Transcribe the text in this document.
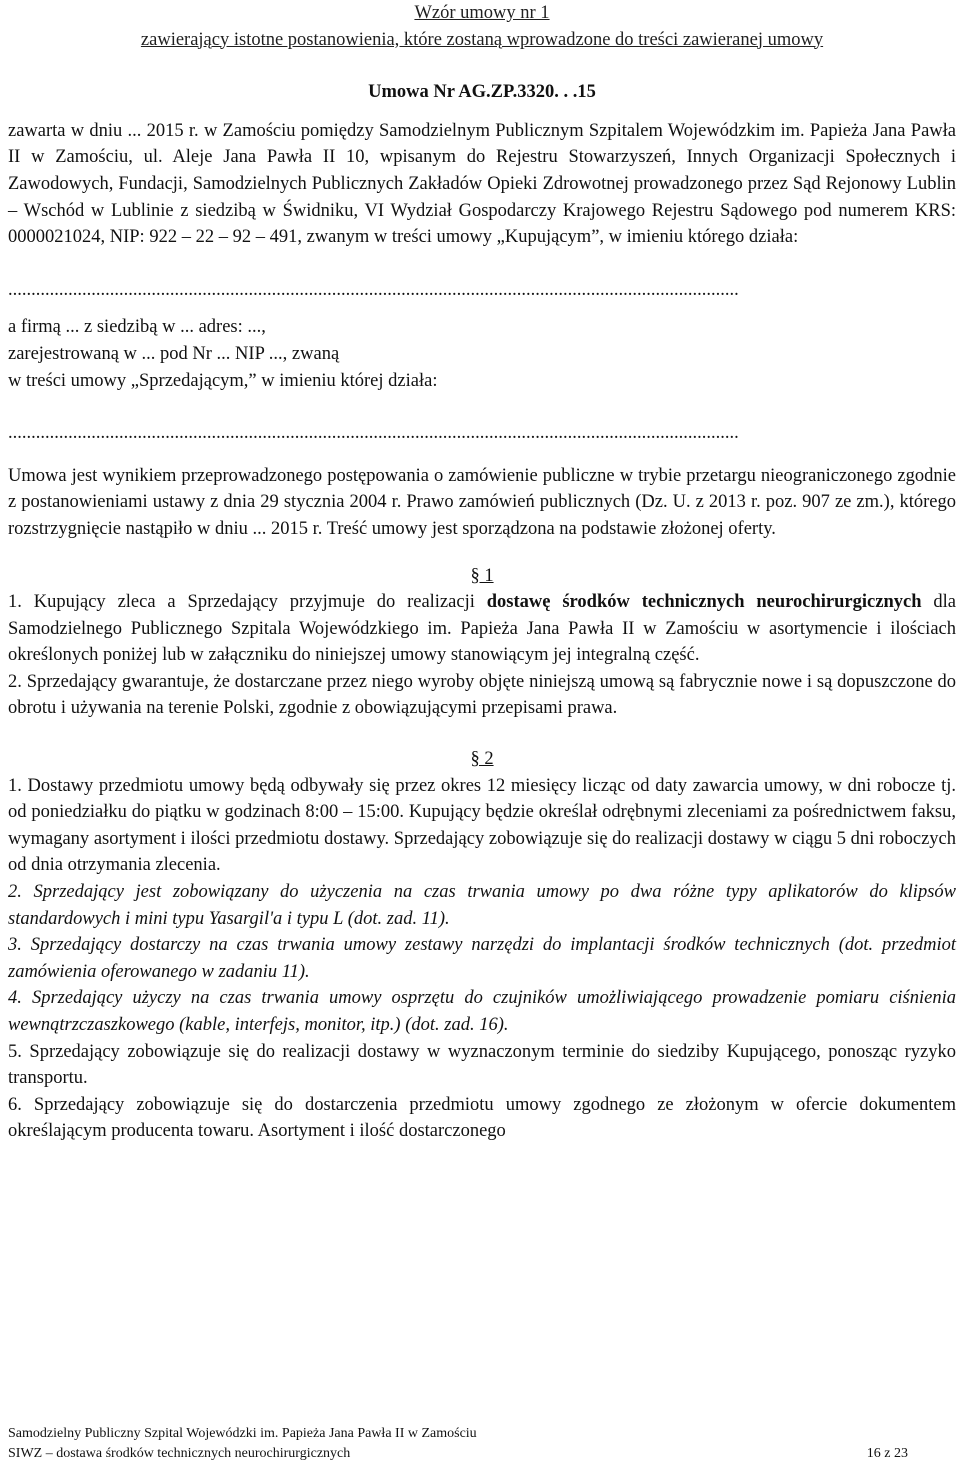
Wzór umowy nr 1
zawierający istotne postanowienia, które zostaną wprowadzone do treści zawieranej umowy
Umowa Nr AG.ZP.3320. . .15

zawarta w dniu ... 2015 r. w Zamościu pomiędzy Samodzielnym Publicznym Szpitalem Wojewódzkim im. Papieża Jana Pawła II w Zamościu, ul. Aleje Jana Pawła II 10, wpisanym do Rejestru Stowarzyszeń, Innych Organizacji Społecznych i Zawodowych, Fundacji, Samodzielnych Publicznych Zakładów Opieki Zdrowotnej prowadzonego przez Sąd Rejonowy Lublin – Wschód w Lublinie z siedzibą w Świdniku, VI Wydział Gospodarczy Krajowego Rejestru Sądowego pod numerem KRS: 0000021024, NIP: 922 – 22 – 92 – 491, zwanym w treści umowy „Kupującym”, w imieniu którego działa:

..............................................................................................................................................................
a firmą ... z siedzibą w ... adres: ...,
zarejestrowaną w ... pod Nr ... NIP ..., zwaną
w treści umowy „Sprzedającym,” w imieniu której działa:
..............................................................................................................................................................

Umowa jest wynikiem przeprowadzonego postępowania o zamówienie publiczne w trybie przetargu nieograniczonego zgodnie z postanowieniami ustawy z dnia 29 stycznia 2004 r. Prawo zamówień publicznych (Dz. U. z 2013 r. poz. 907 ze zm.), którego rozstrzygnięcie nastąpiło w dniu ... 2015 r. Treść umowy jest sporządzona na podstawie złożonej oferty.

§ 1

1. Kupujący zleca a Sprzedający przyjmuje do realizacji dostawę środków technicznych neurochirurgicznych dla Samodzielnego Publicznego Szpitala Wojewódzkiego im. Papieża Jana Pawła II w Zamościu w asortymencie i ilościach określonych poniżej lub w załączniku do niniejszej umowy stanowiącym jej integralną część.

2. Sprzedający gwarantuje, że dostarczane przez niego wyroby objęte niniejszą umową są fabrycznie nowe i są dopuszczone do obrotu i używania na terenie Polski, zgodnie z obowiązującymi przepisami prawa.

§ 2

1. Dostawy przedmiotu umowy będą odbywały się przez okres 12 miesięcy licząc od daty zawarcia umowy, w dni robocze tj. od poniedziałku do piątku w godzinach 8:00 – 15:00. Kupujący będzie określał odrębnymi zleceniami za pośrednictwem faksu, wymagany asortyment i ilości przedmiotu dostawy. Sprzedający zobowiązuje się do realizacji dostawy w ciągu 5 dni roboczych od dnia otrzymania zlecenia.

2. Sprzedający jest zobowiązany do użyczenia na czas trwania umowy po dwa różne typy aplikatorów do klipsów standardowych i mini typu Yasargil'a i typu L (dot. zad. 11).

3. Sprzedający dostarczy na czas trwania umowy zestawy narzędzi do implantacji środków technicznych (dot. przedmiot zamówienia oferowanego w zadaniu 11).

4. Sprzedający użyczy na czas trwania umowy osprzętu do czujników umożliwiającego prowadzenie pomiaru ciśnienia wewnątrzczaszkowego (kable, interfejs, monitor, itp.) (dot. zad. 16).

5. Sprzedający zobowiązuje się do realizacji dostawy w wyznaczonym terminie do siedziby Kupującego, ponosząc ryzyko transportu.

6. Sprzedający zobowiązuje się do dostarczenia przedmiotu umowy zgodnego ze złożonym w ofercie dokumentem określającym producenta towaru. Asortyment i ilość dostarczonego

Samodzielny Publiczny Szpital Wojewódzki im. Papieża Jana Pawła II w Zamościu
SIWZ – dostawa środków technicznych neurochirurgicznych	16 z 23
